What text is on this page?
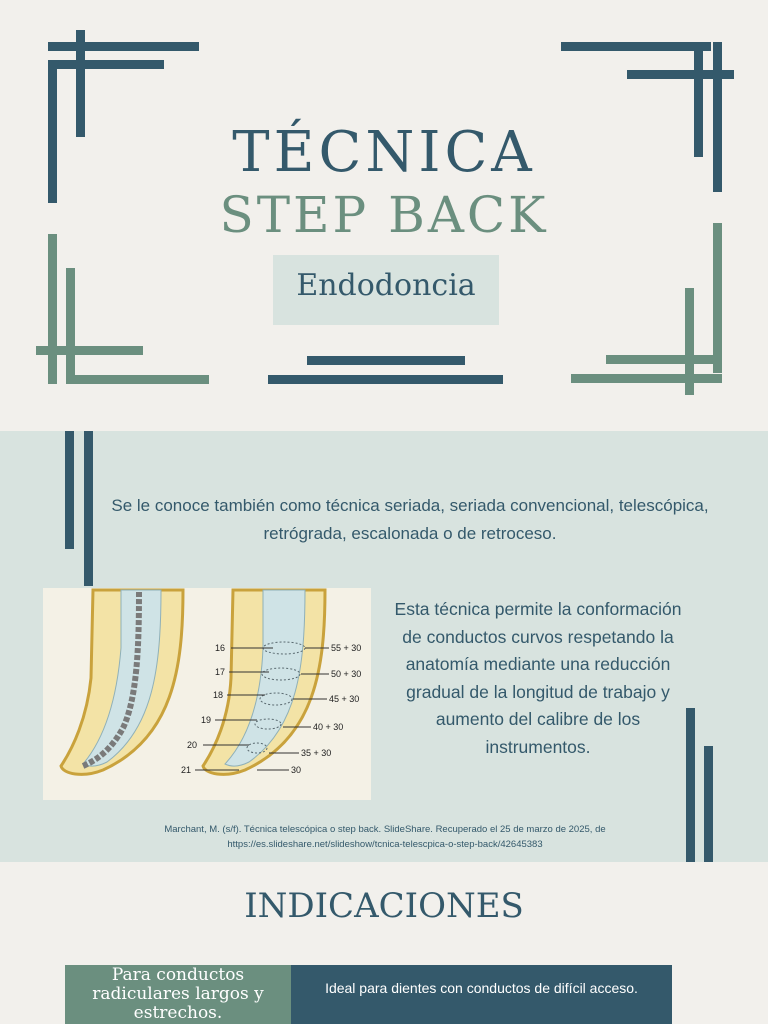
TÉCNICA
STEP BACK
Endodoncia
Se le conoce también como técnica seriada, seriada convencional, telescópica, retrógrada, escalonada o de retroceso.
16
17
18
19
20
21
55 + 30
50 + 30
45 + 30
40 + 30
35 + 30
30
Esta técnica permite la conformación de conductos curvos respetando la anatomía mediante una reducción gradual de la longitud de trabajo y aumento del calibre de los instrumentos.
Marchant, M. (s/f). Técnica telescópica o step back. SlideShare. Recuperado el 25 de marzo de 2025, de https://es.slideshare.net/slideshow/tcnica-telescpica-o-step-back/42645383
INDICACIONES
Para conductos radiculares largos y estrechos.
Ideal para dientes con conductos de difícil acceso.
